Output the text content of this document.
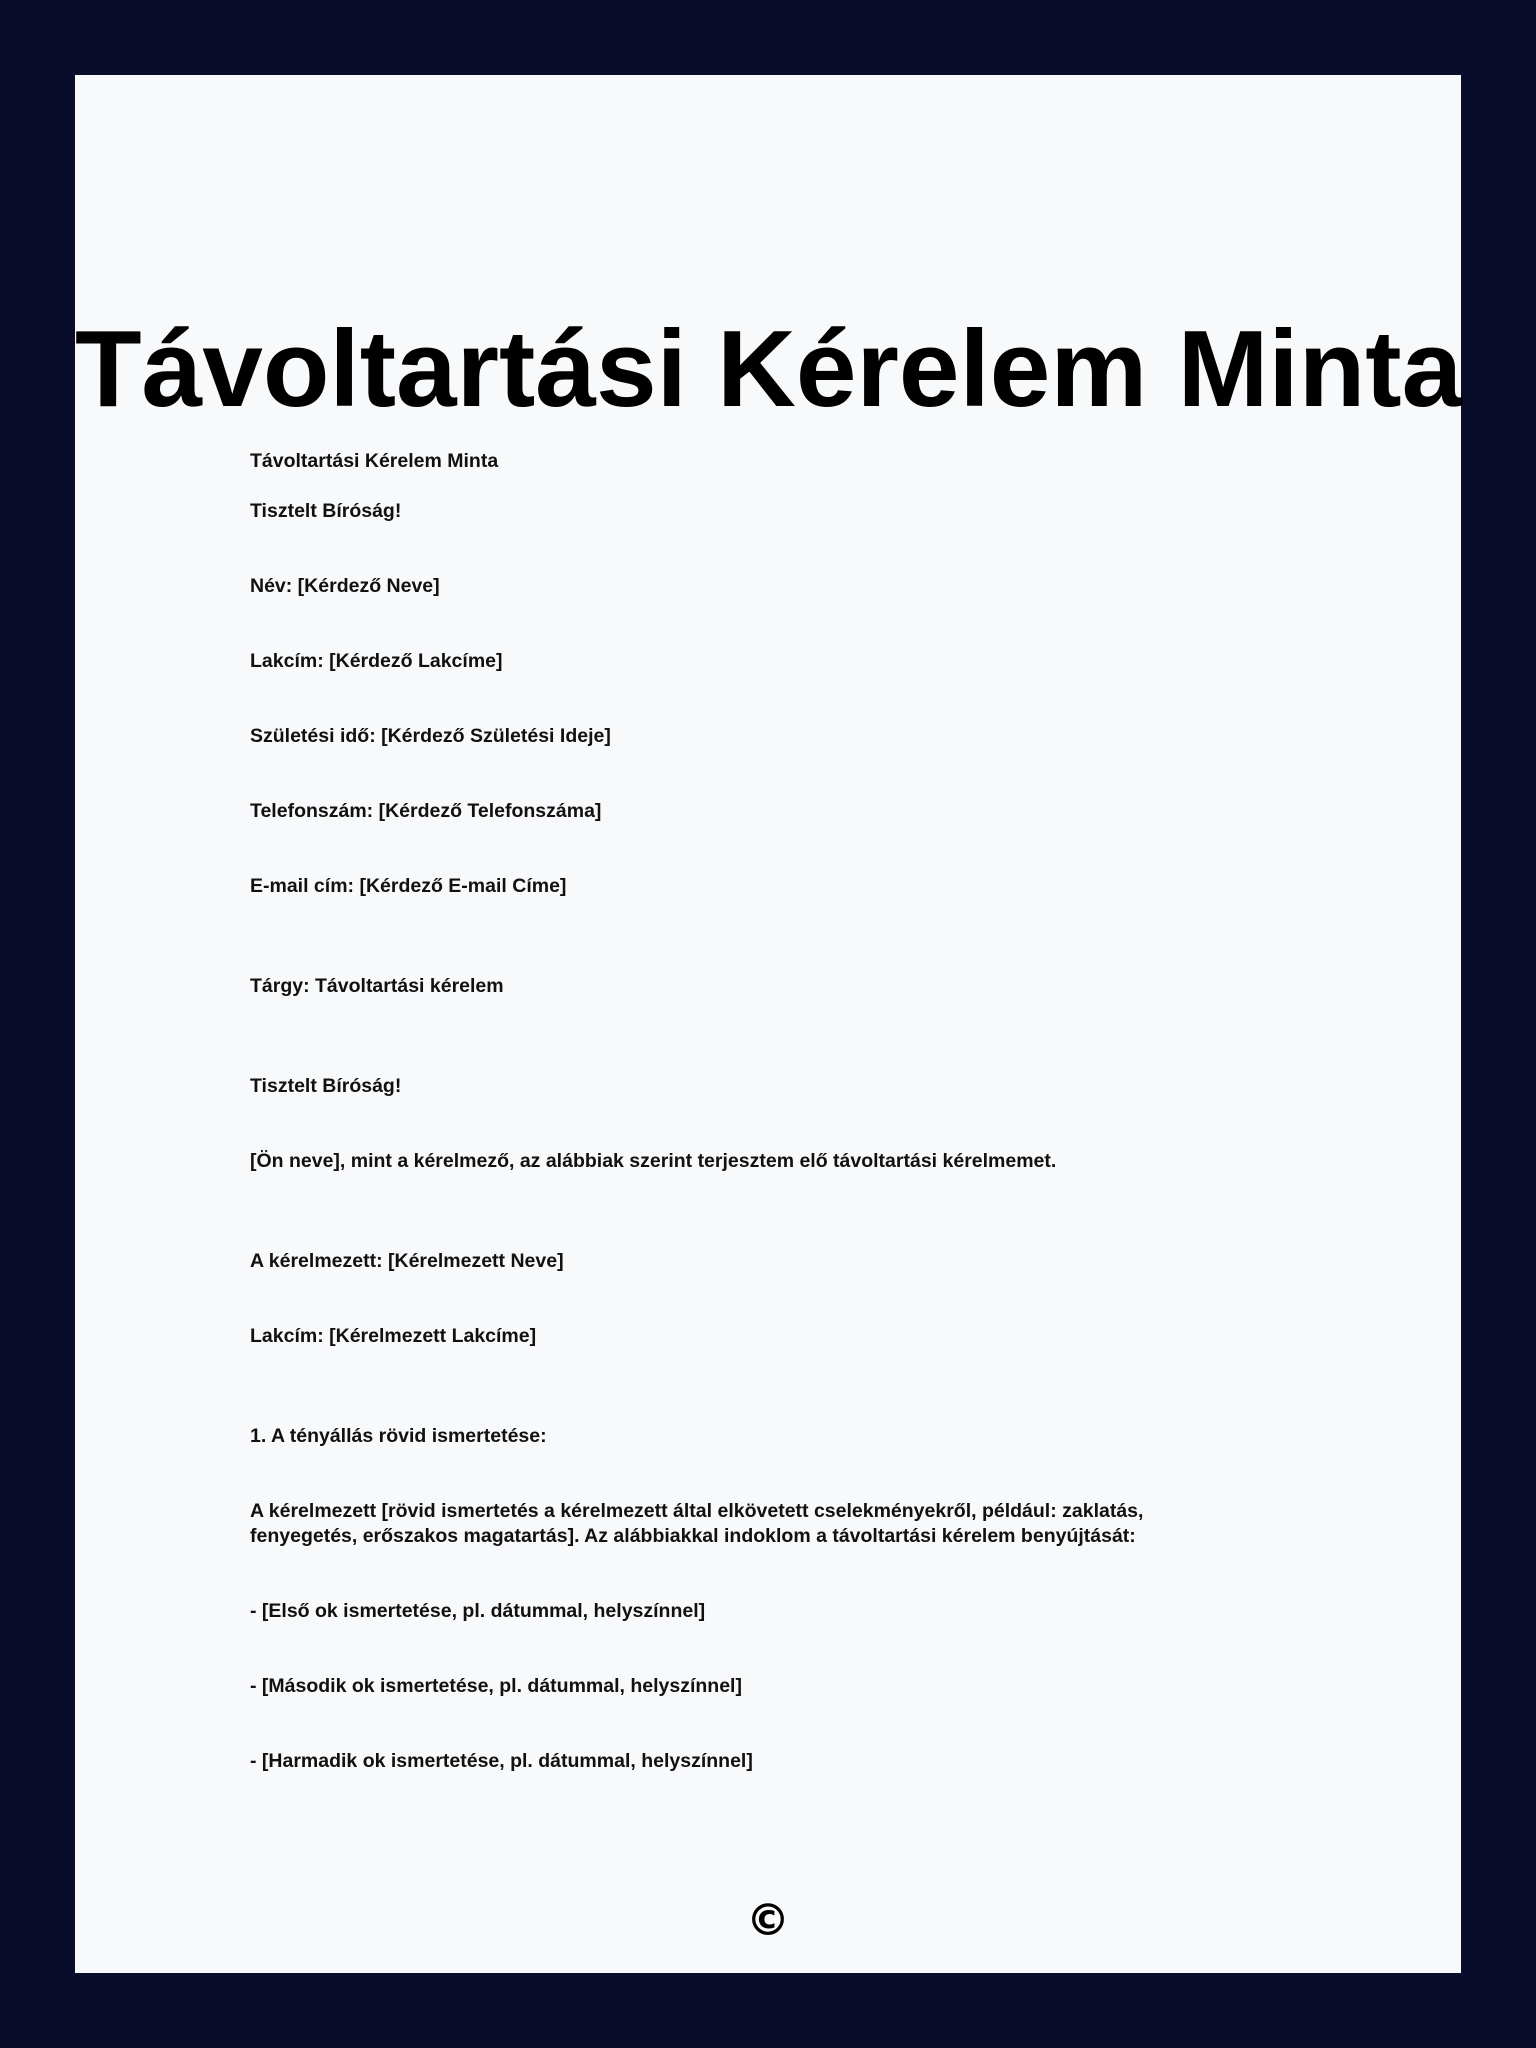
Távoltartási Kérelem Minta

Távoltartási Kérelem Minta

Tisztelt Bíróság!

Név: [Kérdező Neve]

Lakcím: [Kérdező Lakcíme]

Születési idő: [Kérdező Születési Ideje]

Telefonszám: [Kérdező Telefonszáma]

E-mail cím: [Kérdező E-mail Címe]

Tárgy: Távoltartási kérelem

Tisztelt Bíróság!

[Ön neve], mint a kérelmező, az alábbiak szerint terjesztem elő távoltartási kérelmemet.

A kérelmezett: [Kérelmezett Neve]

Lakcím: [Kérelmezett Lakcíme]

1. A tényállás rövid ismertetése:

A kérelmezett [rövid ismertetés a kérelmezett által elkövetett cselekményekről, például: zaklatás, fenyegetés, erőszakos magatartás]. Az alábbiakkal indoklom a távoltartási kérelem benyújtását:

- [Első ok ismertetése, pl. dátummal, helyszínnel]

- [Második ok ismertetése, pl. dátummal, helyszínnel]

- [Harmadik ok ismertetése, pl. dátummal, helyszínnel]

©
